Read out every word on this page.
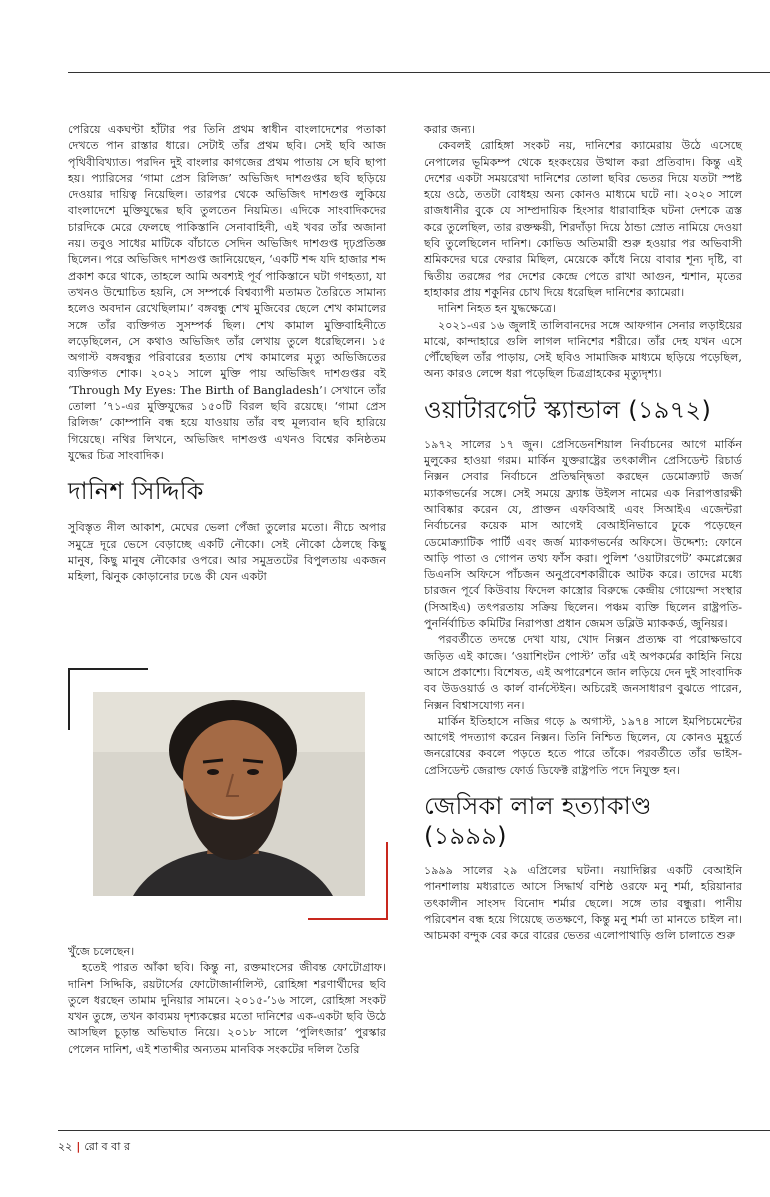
পেরিয়ে একঘণ্টা হাঁটার পর তিনি প্রথম স্বাধীন বাংলাদেশের পতাকা দেখতে পান রাস্তার ধারে। সেটাই তাঁর প্রথম ছবি। সেই ছবি আজ পৃথিবীবিখ্যাত। পরদিন দুই বাংলার কাগজের প্রথম পাতায় সে ছবি ছাপা হয়। প্যারিসের ‘গামা প্রেস রিলিজ’ অভিজিৎ দাশগুপ্তর ছবি ছড়িয়ে দেওয়ার দায়িত্ব নিয়েছিল। তারপর থেকে অভিজিৎ দাশগুপ্ত লুকিয়ে বাংলাদেশে মুক্তিযুদ্ধের ছবি তুলতেন নিয়মিত। এদিকে সাংবাদিকদের চারদিকে মেরে ফেলছে পাকিস্তানি সেনাবাহিনী, এই খবর তাঁর অজানা নয়। তবুও সাধের মাটিকে বাঁচাতে সেদিন অভিজিৎ দাশগুপ্ত দৃঢ়প্রতিজ্ঞ ছিলেন। পরে অভিজিৎ দাশগুপ্ত জানিয়েছেন, ‘একটি শব্দ যদি হাজার শব্দ প্রকাশ করে থাকে, তাহলে আমি অবশ্যই পূর্ব পাকিস্তানে ঘটা গণহত্যা, যা তখনও উন্মোচিত হয়নি, সে সম্পর্কে বিশ্বব্যাপী মতামত তৈরিতে সামান্য হলেও অবদান রেখেছিলাম।’ বঙ্গবন্ধু শেখ মুজিবের ছেলে শেখ কামালের সঙ্গে তাঁর ব্যক্তিগত সুসম্পর্ক ছিল। শেখ কামাল মুক্তিবাহিনীতে লড়েছিলেন, সে কথাও অভিজিৎ তাঁর লেখায় তুলে ধরেছিলেন। ১৫ অগাস্ট বঙ্গবন্ধুর পরিবারের হত্যায় শেখ কামালের মৃত্যু অভিজিতের ব্যক্তিগত শোক। ২০২১ সালে মুক্তি পায় অভিজিৎ দাশগুপ্তর বই ‘Through My Eyes: The Birth of Bangladesh’। সেখানে তাঁর তোলা ’৭১-এর মুক্তিযুদ্ধের ১৫০টি বিরল ছবি রয়েছে। ‘গামা প্রেস রিলিজ’ কোম্পানি বন্ধ হয়ে যাওয়ায় তাঁর বহু মূল্যবান ছবি হারিয়ে গিয়েছে। নথির লিখনে, অভিজিৎ দাশগুপ্ত এখনও বিশ্বের কনিষ্ঠতম যুদ্ধের চিত্র সাংবাদিক।

দানিশ সিদ্দিকি

সুবিস্তৃত নীল আকাশ, মেঘের ভেলা পেঁজা তুলোর মতো। নীচে অপার সমুদ্রে দূরে ভেসে বেড়াচ্ছে একটি নৌকো। সেই নৌকো ঠেলছে কিছু মানুষ, কিছু মানুষ নৌকোর ওপরে। আর সমুদ্রতটের বিপুলতায় একজন মহিলা, ঝিনুক কোড়ানোর ঢঙে কী যেন একটা

খুঁজে চলেছেন।

হতেই পারত আঁকা ছবি। কিন্তু না, রক্তমাংসের জীবন্ত ফোটোগ্রাফ। দানিশ সিদ্দিকি, রয়টার্সের ফোটোজার্নালিস্ট, রোহিঙ্গা শরণার্থীদের ছবি তুলে ধরছেন তামাম দুনিয়ার সামনে। ২০১৫-’১৬ সালে, রোহিঙ্গা সংকট যখন তুঙ্গে, তখন কাব্যময় দৃশ্যকল্পের মতো দানিশের এক-একটা ছবি উঠে আসছিল চূড়ান্ত অভিঘাত নিয়ে। ২০১৮ সালে ‘পুলিৎজার’ পুরস্কার পেলেন দানিশ, এই শতাব্দীর অন্যতম মানবিক সংকটের দলিল তৈরি

করার জন্য।

কেবলই রোহিঙ্গা সংকট নয়, দানিশের ক্যামেরায় উঠে এসেছে নেপালের ভূমিকম্প থেকে হংকংয়ের উত্থাল করা প্রতিবাদ। কিন্তু এই দেশের একটা সময়রেখা দানিশের তোলা ছবির ভেতর দিয়ে যতটা স্পষ্ট হয়ে ওঠে, ততটা বোধহয় অন্য কোনও মাধ্যমে ঘটে না। ২০২০ সালে রাজধানীর বুকে যে সাম্প্রদায়িক হিংসার ধারাবাহিক ঘটনা দেশকে ত্রস্ত করে তুলেছিল, তার রক্তক্ষয়ী, শিরদাঁড়া দিয়ে ঠান্ডা স্রোত নামিয়ে দেওয়া ছবি তুলেছিলেন দানিশ। কোভিড অতিমারী শুরু হওয়ার পর অভিবাসী শ্রমিকদের ঘরে ফেরার মিছিল, মেয়েকে কাঁধে নিয়ে বাবার শূন্য দৃষ্টি, বা দ্বিতীয় তরঙ্গের পর দেশের কেন্দ্রে পেতে রাখা আগুন, শ্মশান, মৃতের হাহাকার প্রায় শকুনির চোখ দিয়ে ধরেছিল দানিশের ক্যামেরা।

দানিশ নিহত হন যুদ্ধক্ষেত্রে।

২০২১-এর ১৬ জুলাই তালিবানদের সঙ্গে আফগান সেনার লড়াইয়ের মাঝে, কান্দাহারে গুলি লাগল দানিশের শরীরে। তাঁর দেহ যখন এসে পৌঁছেছিল তাঁর পাড়ায়, সেই ছবিও সামাজিক মাধ্যমে ছড়িয়ে পড়েছিল, অন্য কারও লেন্সে ধরা পড়েছিল চিত্রগ্রাহকের মৃত্যুদৃশ্য।

ওয়াটারগেট স্ক্যান্ডাল (১৯৭২)

১৯৭২ সালের ১৭ জুন। প্রেসিডেনশিয়াল নির্বাচনের আগে মার্কিন মুলুকের হাওয়া গরম। মার্কিন যুক্তরাষ্ট্রের তৎকালীন প্রেসিডেন্ট রিচার্ড নিক্সন সেবার নির্বাচনে প্রতিদ্বন্দ্বিতা করছেন ডেমোক্র্যাট জর্জ ম্যাকগভর্নের সঙ্গে। সেই সময়ে ফ্র্যাঙ্ক উইলস নামের এক নিরাপত্তারক্ষী আবিষ্কার করেন যে, প্রাক্তন এফবিআই এবং সিআইএ এজেন্টরা নির্বাচনের কয়েক মাস আগেই বেআইনিভাবে ঢুকে পড়েছেন ডেমোক্র্যাটিক পার্টি এবং জর্জ ম্যাকগভর্নের অফিসে। উদ্দেশ্য: ফোনে আড়ি পাতা ও গোপন তথ্য ফাঁস করা। পুলিশ ‘ওয়াটারগেট’ কমপ্লেক্সের ডিএনসি অফিসে পাঁচজন অনুপ্রবেশকারীকে আটক করে। তাদের মধ্যে চারজন পূর্বে কিউবায় ফিদেল কাস্ত্রোর বিরুদ্ধে কেন্দ্রীয় গোয়েন্দা সংস্থার (সিআইএ) তৎপরতায় সক্রিয় ছিলেন। পঞ্চম ব্যক্তি ছিলেন রাষ্ট্রপতি-পুনর্নির্বাচিত কমিটির নিরাপত্তা প্রধান জেমস ডব্লিউ ম্যাককর্ড, জুনিয়র।

পরবর্তীতে তদন্তে দেখা যায়, খোদ নিক্সন প্রত্যক্ষ বা পরোক্ষভাবে জড়িত এই কাজে। ‘ওয়াশিংটন পোস্ট’ তাঁর এই অপকর্মের কাহিনি নিয়ে আসে প্রকাশ্যে। বিশেষত, এই অপারেশনে জান লড়িয়ে দেন দুই সাংবাদিক বব উডওয়ার্ড ও কার্ল বার্নস্টেইন। অচিরেই জনসাধারণ বুঝতে পারেন, নিক্সন বিশ্বাসযোগ্য নন।

মার্কিন ইতিহাসে নজির গড়ে ৯ অগাস্ট, ১৯৭৪ সালে ইমপিচমেন্টের আগেই পদত্যাগ করেন নিক্সন। তিনি নিশ্চিত ছিলেন, যে কোনও মুহূর্তে জনরোষের কবলে পড়তে হতে পারে তাঁকে। পরবর্তীতে তাঁর ভাইস-প্রেসিডেন্ট জেরাল্ড ফোর্ড ডিফেক্ট রাষ্ট্রপতি পদে নিযুক্ত হন।

জেসিকা লাল হত্যাকাণ্ড (১৯৯৯)

১৯৯৯ সালের ২৯ এপ্রিলের ঘটনা। নয়াদিল্লির একটি বেআইনি পানশালায় মধ্যরাতে আসে সিদ্ধার্থ বশিষ্ঠ ওরফে মনু শর্মা, হরিয়ানার তৎকালীন সাংসদ বিনোদ শর্মার ছেলে। সঙ্গে তার বন্ধুরা। পানীয় পরিবেশন বন্ধ হয়ে গিয়েছে ততক্ষণে, কিন্তু মনু শর্মা তা মানতে চাইল না। আচমকা বন্দুক বের করে বারের ভেতর এলোপাথাড়ি গুলি চালাতে শুরু

২২ | রো ব বা র
